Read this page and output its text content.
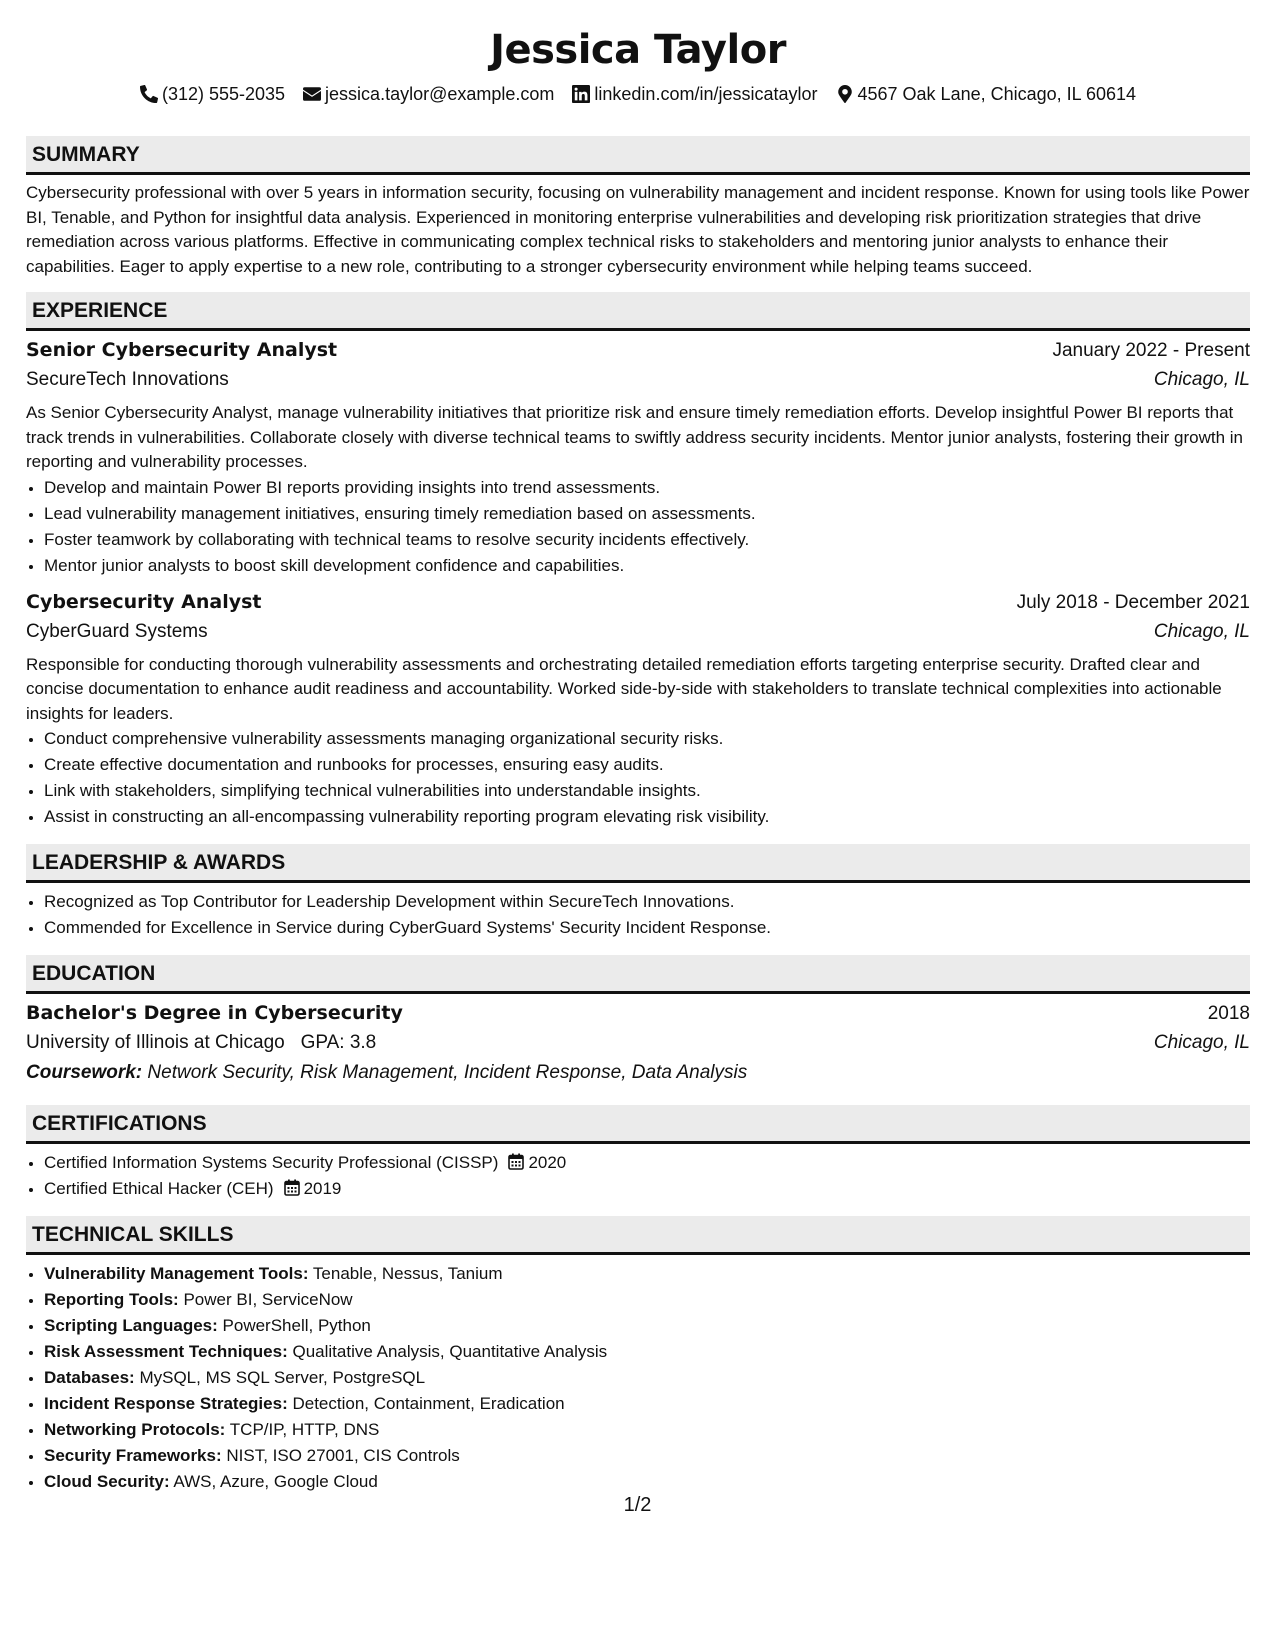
Jessica Taylor
(312) 555-2035 jessica.taylor@example.com linkedin.com/in/jessicataylor 4567 Oak Lane, Chicago, IL 60614
SUMMARY

Cybersecurity professional with over 5 years in information security, focusing on vulnerability management and incident response. Known for using tools like Power BI, Tenable, and Python for insightful data analysis. Experienced in monitoring enterprise vulnerabilities and developing risk prioritization strategies that drive remediation across various platforms. Effective in communicating complex technical risks to stakeholders and mentoring junior analysts to enhance their capabilities. Eager to apply expertise to a new role, contributing to a stronger cybersecurity environment while helping teams succeed.

EXPERIENCE
Senior Cybersecurity Analyst	January 2022 - Present
SecureTech Innovations	Chicago, IL

As Senior Cybersecurity Analyst, manage vulnerability initiatives that prioritize risk and ensure timely remediation efforts. Develop insightful Power BI reports that track trends in vulnerabilities. Collaborate closely with diverse technical teams to swiftly address security incidents. Mentor junior analysts, fostering their growth in reporting and vulnerability processes.

• Develop and maintain Power BI reports providing insights into trend assessments.
• Lead vulnerability management initiatives, ensuring timely remediation based on assessments.
• Foster teamwork by collaborating with technical teams to resolve security incidents effectively.
• Mentor junior analysts to boost skill development confidence and capabilities.
Cybersecurity Analyst	July 2018 - December 2021
CyberGuard Systems	Chicago, IL

Responsible for conducting thorough vulnerability assessments and orchestrating detailed remediation efforts targeting enterprise security. Drafted clear and concise documentation to enhance audit readiness and accountability. Worked side-by-side with stakeholders to translate technical complexities into actionable insights for leaders.

• Conduct comprehensive vulnerability assessments managing organizational security risks.
• Create effective documentation and runbooks for processes, ensuring easy audits.
• Link with stakeholders, simplifying technical vulnerabilities into understandable insights.
• Assist in constructing an all-encompassing vulnerability reporting program elevating risk visibility.
LEADERSHIP & AWARDS
• Recognized as Top Contributor for Leadership Development within SecureTech Innovations.
• Commended for Excellence in Service during CyberGuard Systems' Security Incident Response.
EDUCATION
Bachelor's Degree in Cybersecurity	2018
University of Illinois at Chicago GPA: 3.8	Chicago, IL
Coursework: Network Security, Risk Management, Incident Response, Data Analysis
CERTIFICATIONS
• Certified Information Systems Security Professional (CISSP) 2020
• Certified Ethical Hacker (CEH) 2019
TECHNICAL SKILLS
• Vulnerability Management Tools: Tenable, Nessus, Tanium
• Reporting Tools: Power BI, ServiceNow
• Scripting Languages: PowerShell, Python
• Risk Assessment Techniques: Qualitative Analysis, Quantitative Analysis
• Databases: MySQL, MS SQL Server, PostgreSQL
• Incident Response Strategies: Detection, Containment, Eradication
• Networking Protocols: TCP/IP, HTTP, DNS
• Security Frameworks: NIST, ISO 27001, CIS Controls
• Cloud Security: AWS, Azure, Google Cloud
1/2
